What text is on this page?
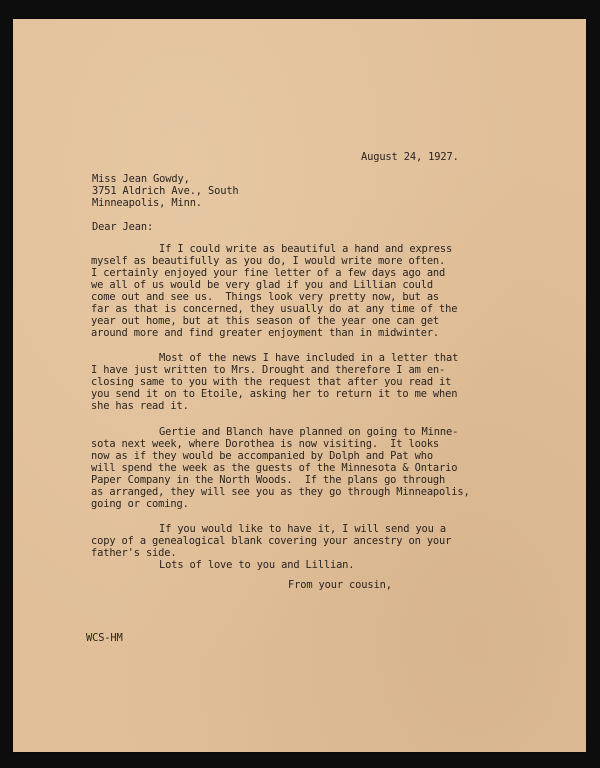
August 24, 1927.
Miss Jean Gowdy,
3751 Aldrich Ave., South
Minneapolis, Minn.
Dear Jean:
If I could write as beautiful a hand and express
myself as beautifully as you do, I would write more often.
I certainly enjoyed your fine letter of a few days ago and
we all of us would be very glad if you and Lillian could
come out and see us.  Things look very pretty now, but as
far as that is concerned, they usually do at any time of the
year out home, but at this season of the year one can get
around more and find greater enjoyment than in midwinter.
Most of the news I have included in a letter that
I have just written to Mrs. Drought and therefore I am en-
closing same to you with the request that after you read it
you send it on to Etoile, asking her to return it to me when
she has read it.
Gertie and Blanch have planned on going to Minne-
sota next week, where Dorothea is now visiting.  It looks
now as if they would be accompanied by Dolph and Pat who
will spend the week as the guests of the Minnesota & Ontario
Paper Company in the North Woods.  If the plans go through
as arranged, they will see you as they go through Minneapolis,
going or coming.
If you would like to have it, I will send you a
copy of a genealogical blank covering your ancestry on your
father's side.
Lots of love to you and Lillian.
From your cousin,
WCS-HM
